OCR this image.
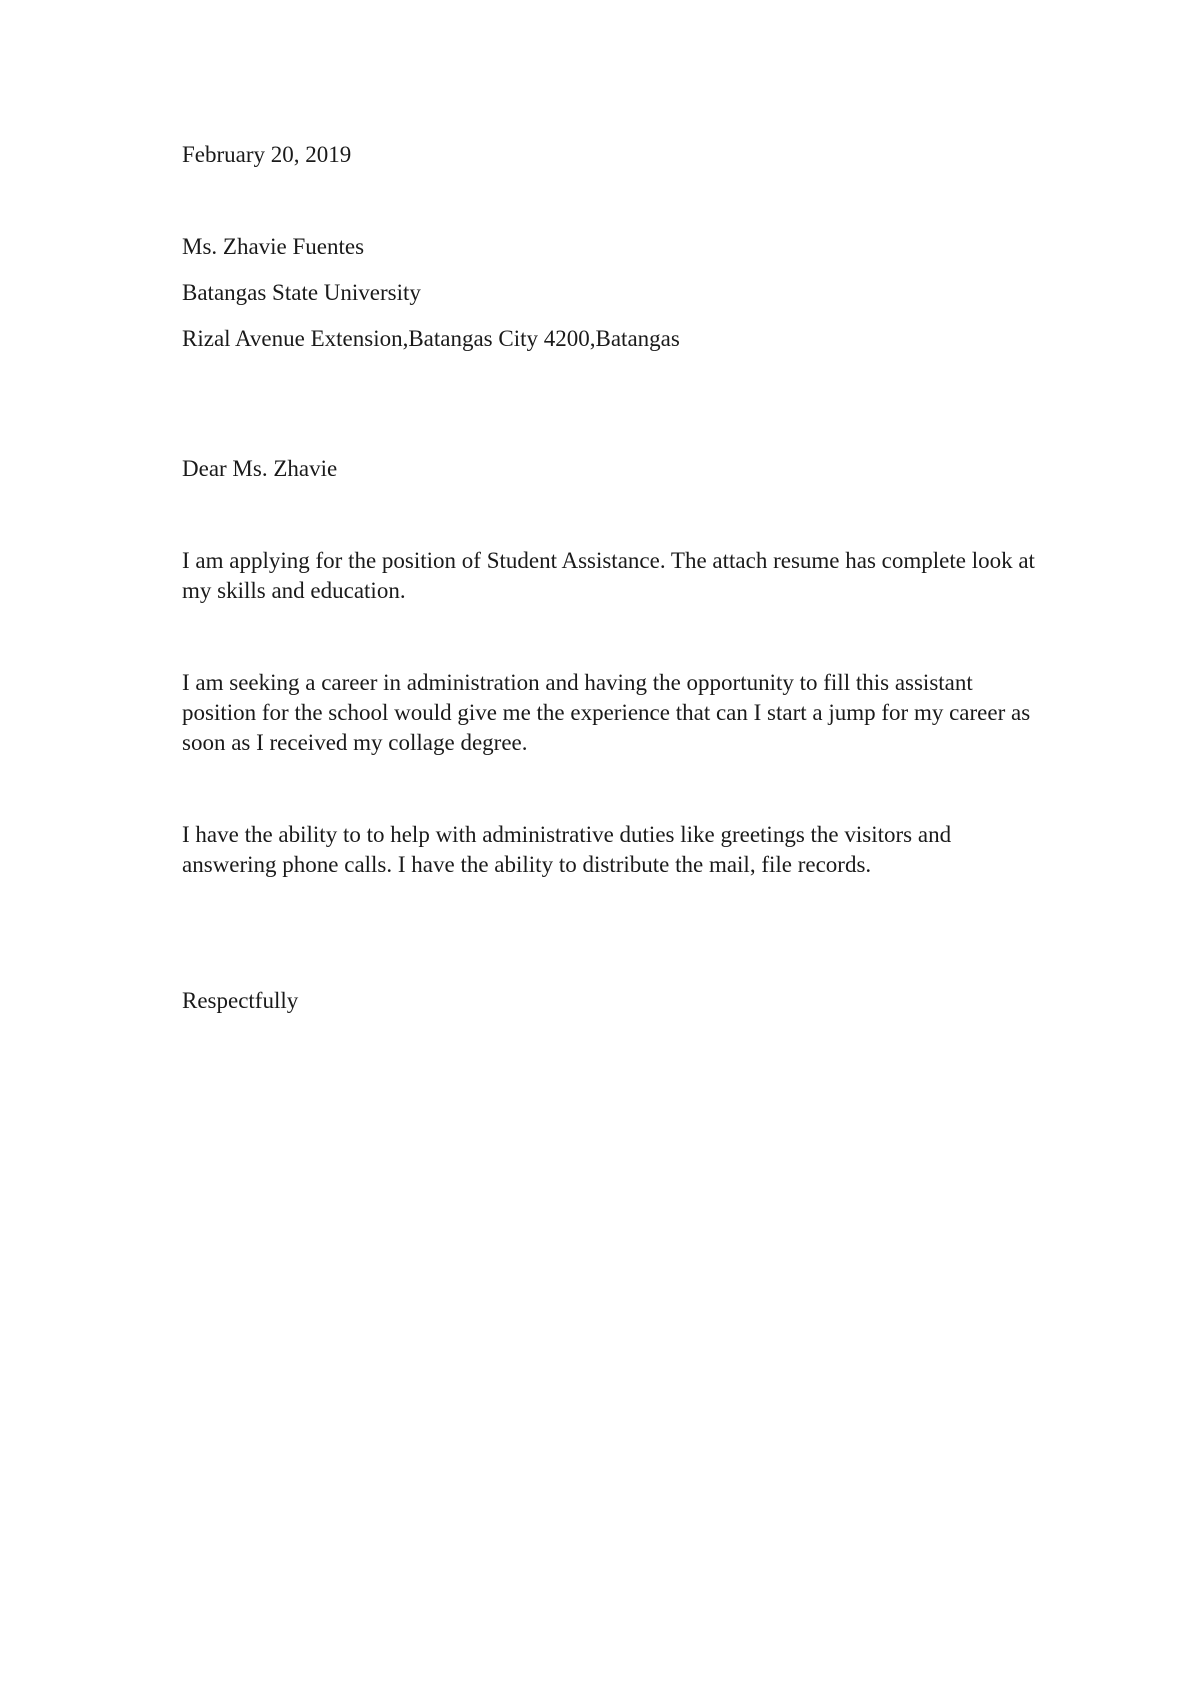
February 20, 2019

Ms. Zhavie Fuentes

Batangas State University

Rizal Avenue Extension,Batangas City 4200,Batangas

Dear Ms. Zhavie

I am applying for the position of Student Assistance. The attach resume has complete look at my skills and education.

I am seeking a career in administration and having the opportunity to fill this assistant position for the school would give me the experience that can I start a jump for my career as soon as I received my collage degree.

I have the ability to to help with administrative duties like greetings the visitors and answering phone calls. I have the ability to distribute the mail, file records.

Respectfully
